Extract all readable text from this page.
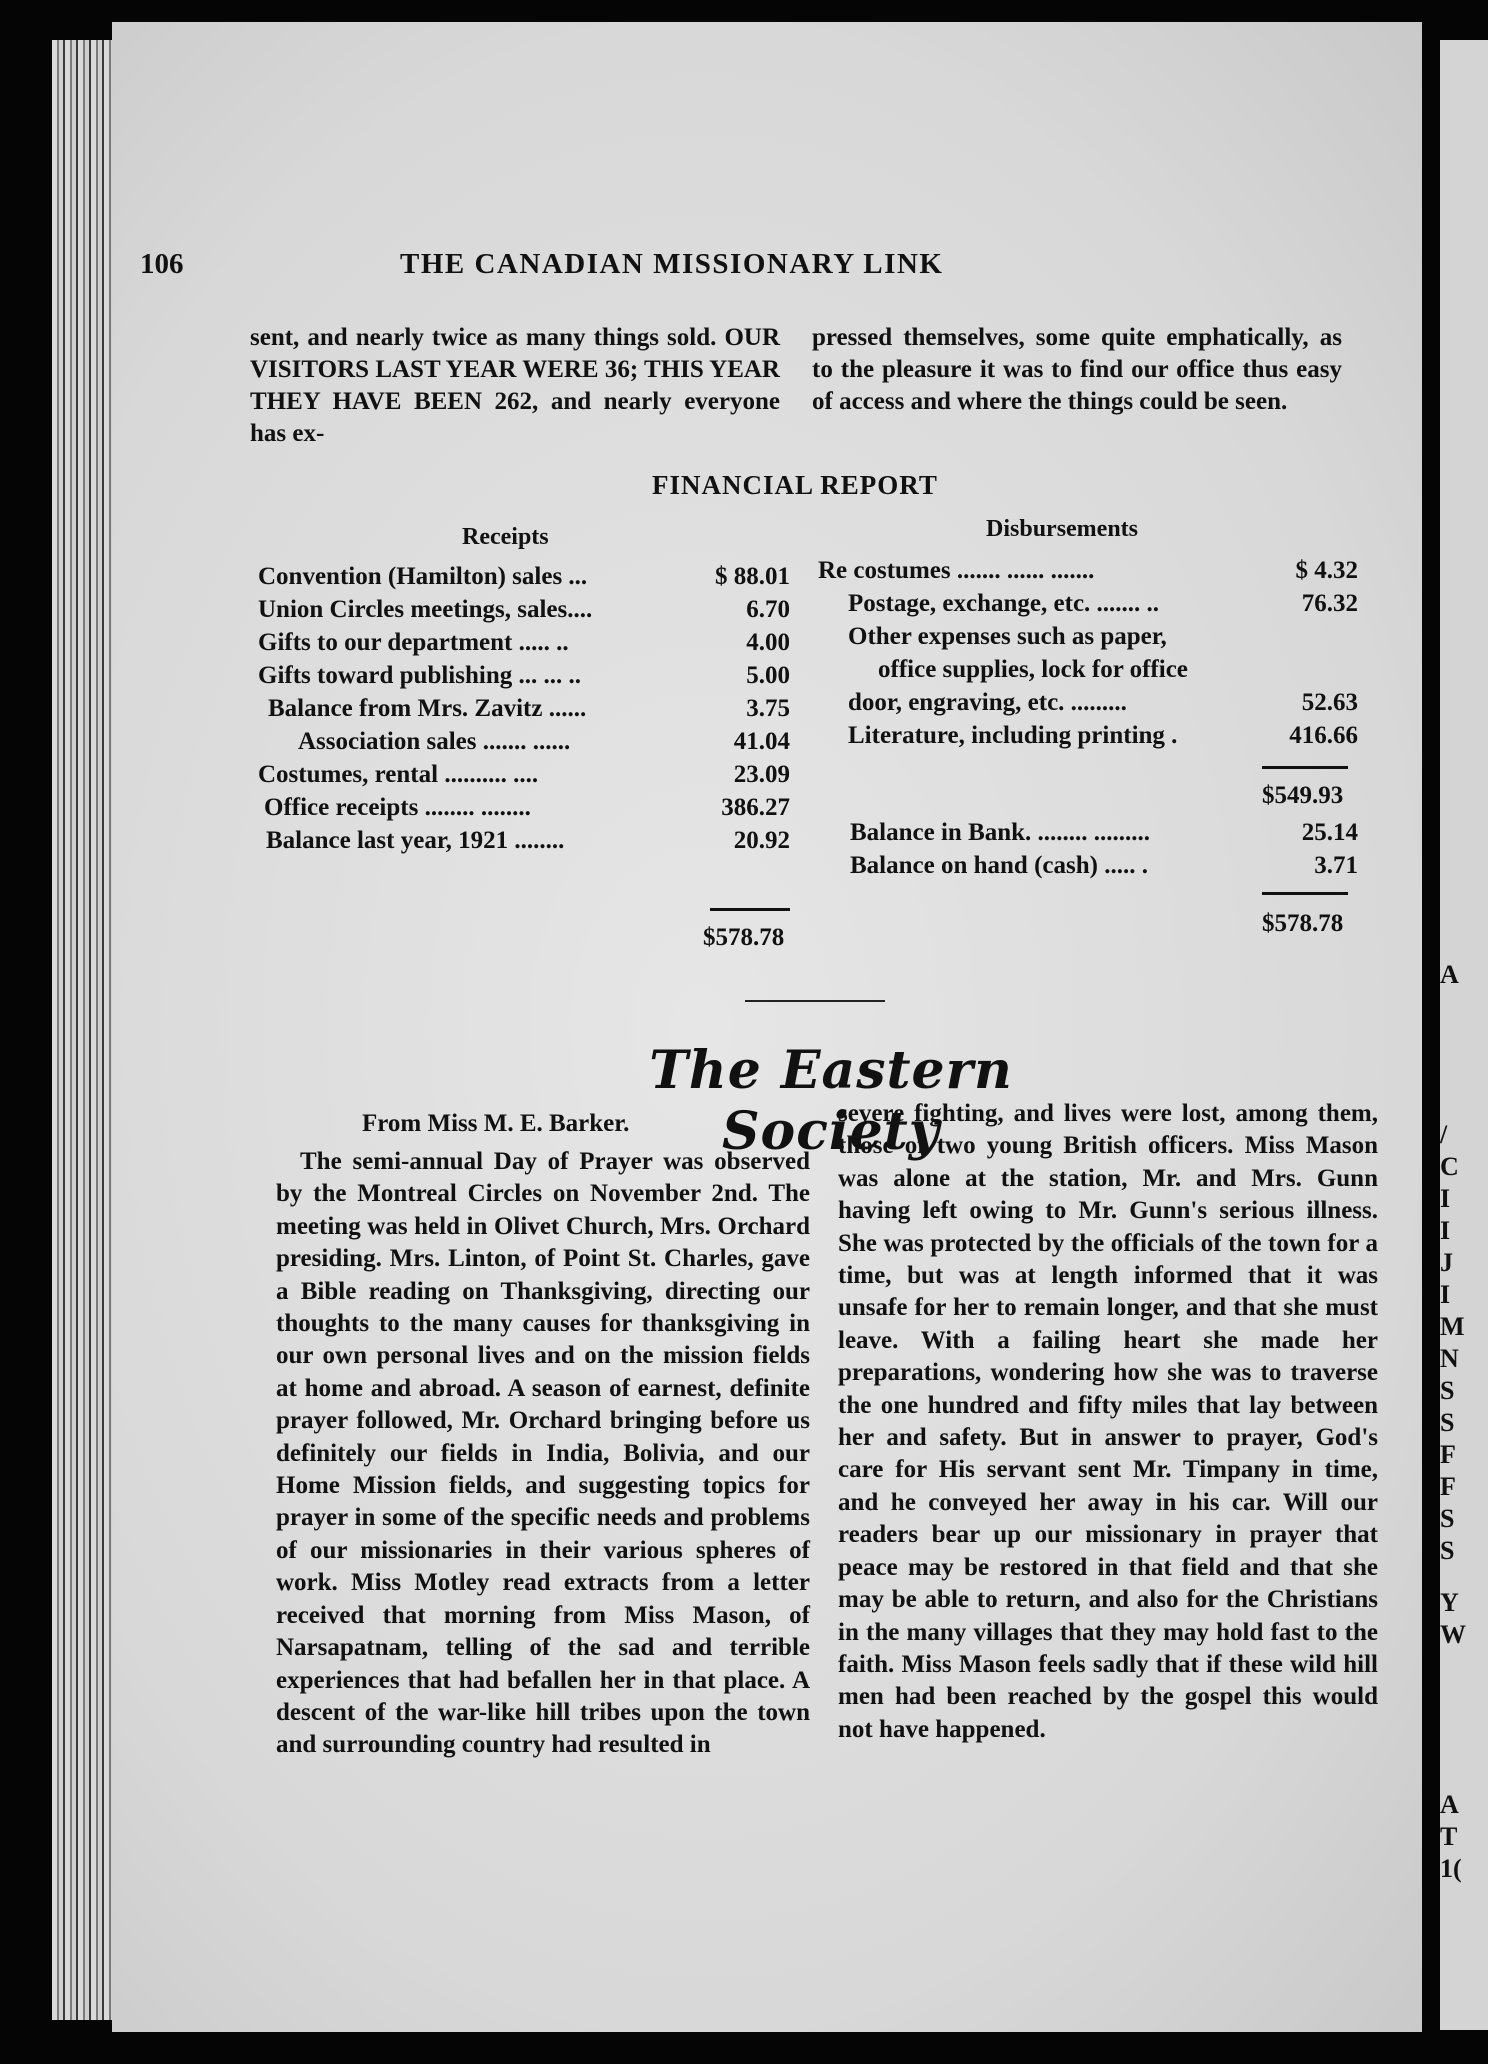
A
/
C
I
I
J
I
M
N
S
S
F
F
S
S
Y
W
A
T
1(
106	THE CANADIAN MISSIONARY LINK

sent, and nearly twice as many things sold. OUR VISITORS LAST YEAR WERE 36; THIS YEAR THEY HAVE BEEN 262, and nearly everyone has ex-

pressed themselves, some quite emphatically, as to the pleasure it was to find our office thus easy of access and where the things could be seen.

FINANCIAL REPORT
Receipts	Disbursements
Convention (Hamilton) sales ...	$ 88.01
Union Circles meetings, sales....	6.70
Gifts to our department ..... ..	4.00
Gifts toward publishing ... ... ..	5.00
Balance from Mrs. Zavitz ......	3.75
Association sales ....... ......	41.04
Costumes, rental .......... ....	23.09
Office receipts ........ ........	386.27
Balance last year, 1921 ........	20.92
$578.78
Re costumes ....... ...... .......	$ 4.32
Postage, exchange, etc. ....... ..	76.32
Other expenses such as paper,
office supplies, lock for office
door, engraving, etc. .........	52.63
Literature, including printing .	416.66
$549.93
Balance in Bank. ........ .........	25.14
Balance on hand (cash) ..... .	3.71
$578.78
The Eastern Society
From Miss M. E. Barker.

The semi-annual Day of Prayer was observed by the Montreal Circles on November 2nd. The meeting was held in Olivet Church, Mrs. Orchard presiding. Mrs. Linton, of Point St. Charles, gave a Bible reading on Thanksgiving, directing our thoughts to the many causes for thanksgiving in our own personal lives and on the mission fields at home and abroad. A season of earnest, definite prayer followed, Mr. Orchard bringing before us definitely our fields in India, Bolivia, and our Home Mission fields, and suggesting topics for prayer in some of the specific needs and problems of our missionaries in their various spheres of work. Miss Motley read extracts from a letter received that morning from Miss Mason, of Narsapatnam, telling of the sad and terrible experiences that had befallen her in that place. A descent of the war-like hill tribes upon the town and surrounding country had resulted in

severe fighting, and lives were lost, among them, those of two young British officers. Miss Mason was alone at the station, Mr. and Mrs. Gunn having left owing to Mr. Gunn's serious illness. She was protected by the officials of the town for a time, but was at length informed that it was unsafe for her to remain longer, and that she must leave. With a failing heart she made her preparations, wondering how she was to traverse the one hundred and fifty miles that lay between her and safety. But in answer to prayer, God's care for His servant sent Mr. Timpany in time, and he conveyed her away in his car. Will our readers bear up our missionary in prayer that peace may be restored in that field and that she may be able to return, and also for the Christians in the many villages that they may hold fast to the faith. Miss Mason feels sadly that if these wild hill men had been reached by the gospel this would not have happened.
